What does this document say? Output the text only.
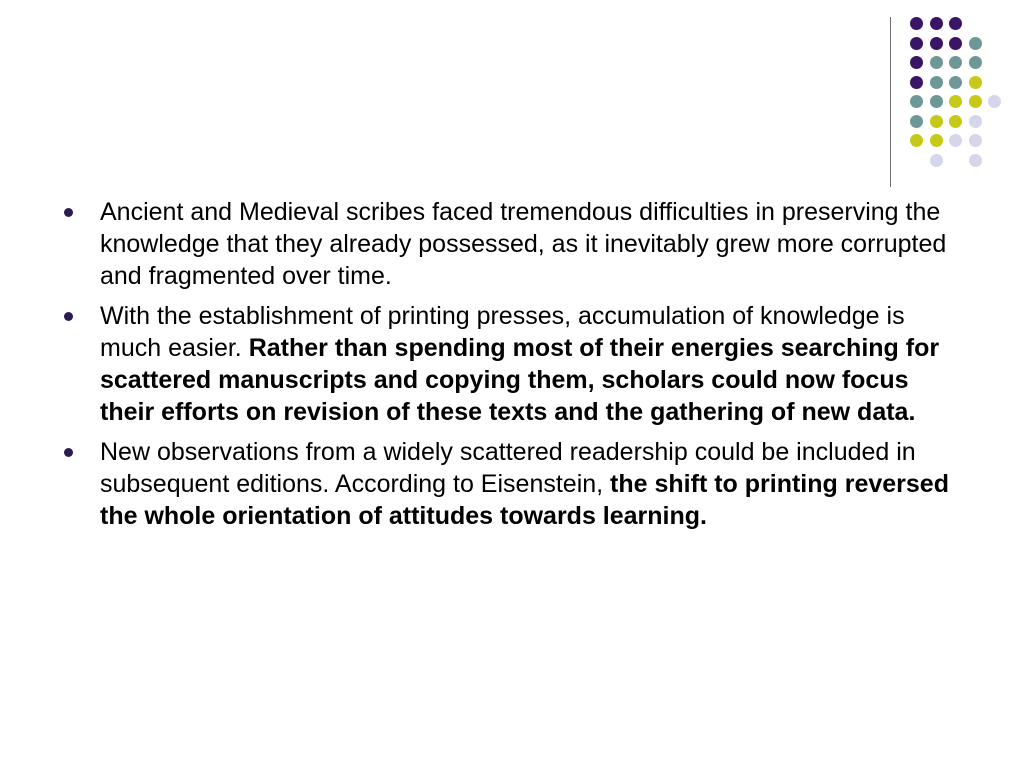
Ancient and Medieval scribes faced tremendous difficulties in preserving the knowledge that they already possessed, as it inevitably grew more corrupted and fragmented over time.
With the establishment of printing presses, accumulation of knowledge is much easier. Rather than spending most of their energies searching for scattered manuscripts and copying them, scholars could now focus their efforts on revision of these texts and the gathering of new data.
New observations from a widely scattered readership could be included in subsequent editions. According to Eisenstein, the shift to printing reversed the whole orientation of attitudes towards learning.
